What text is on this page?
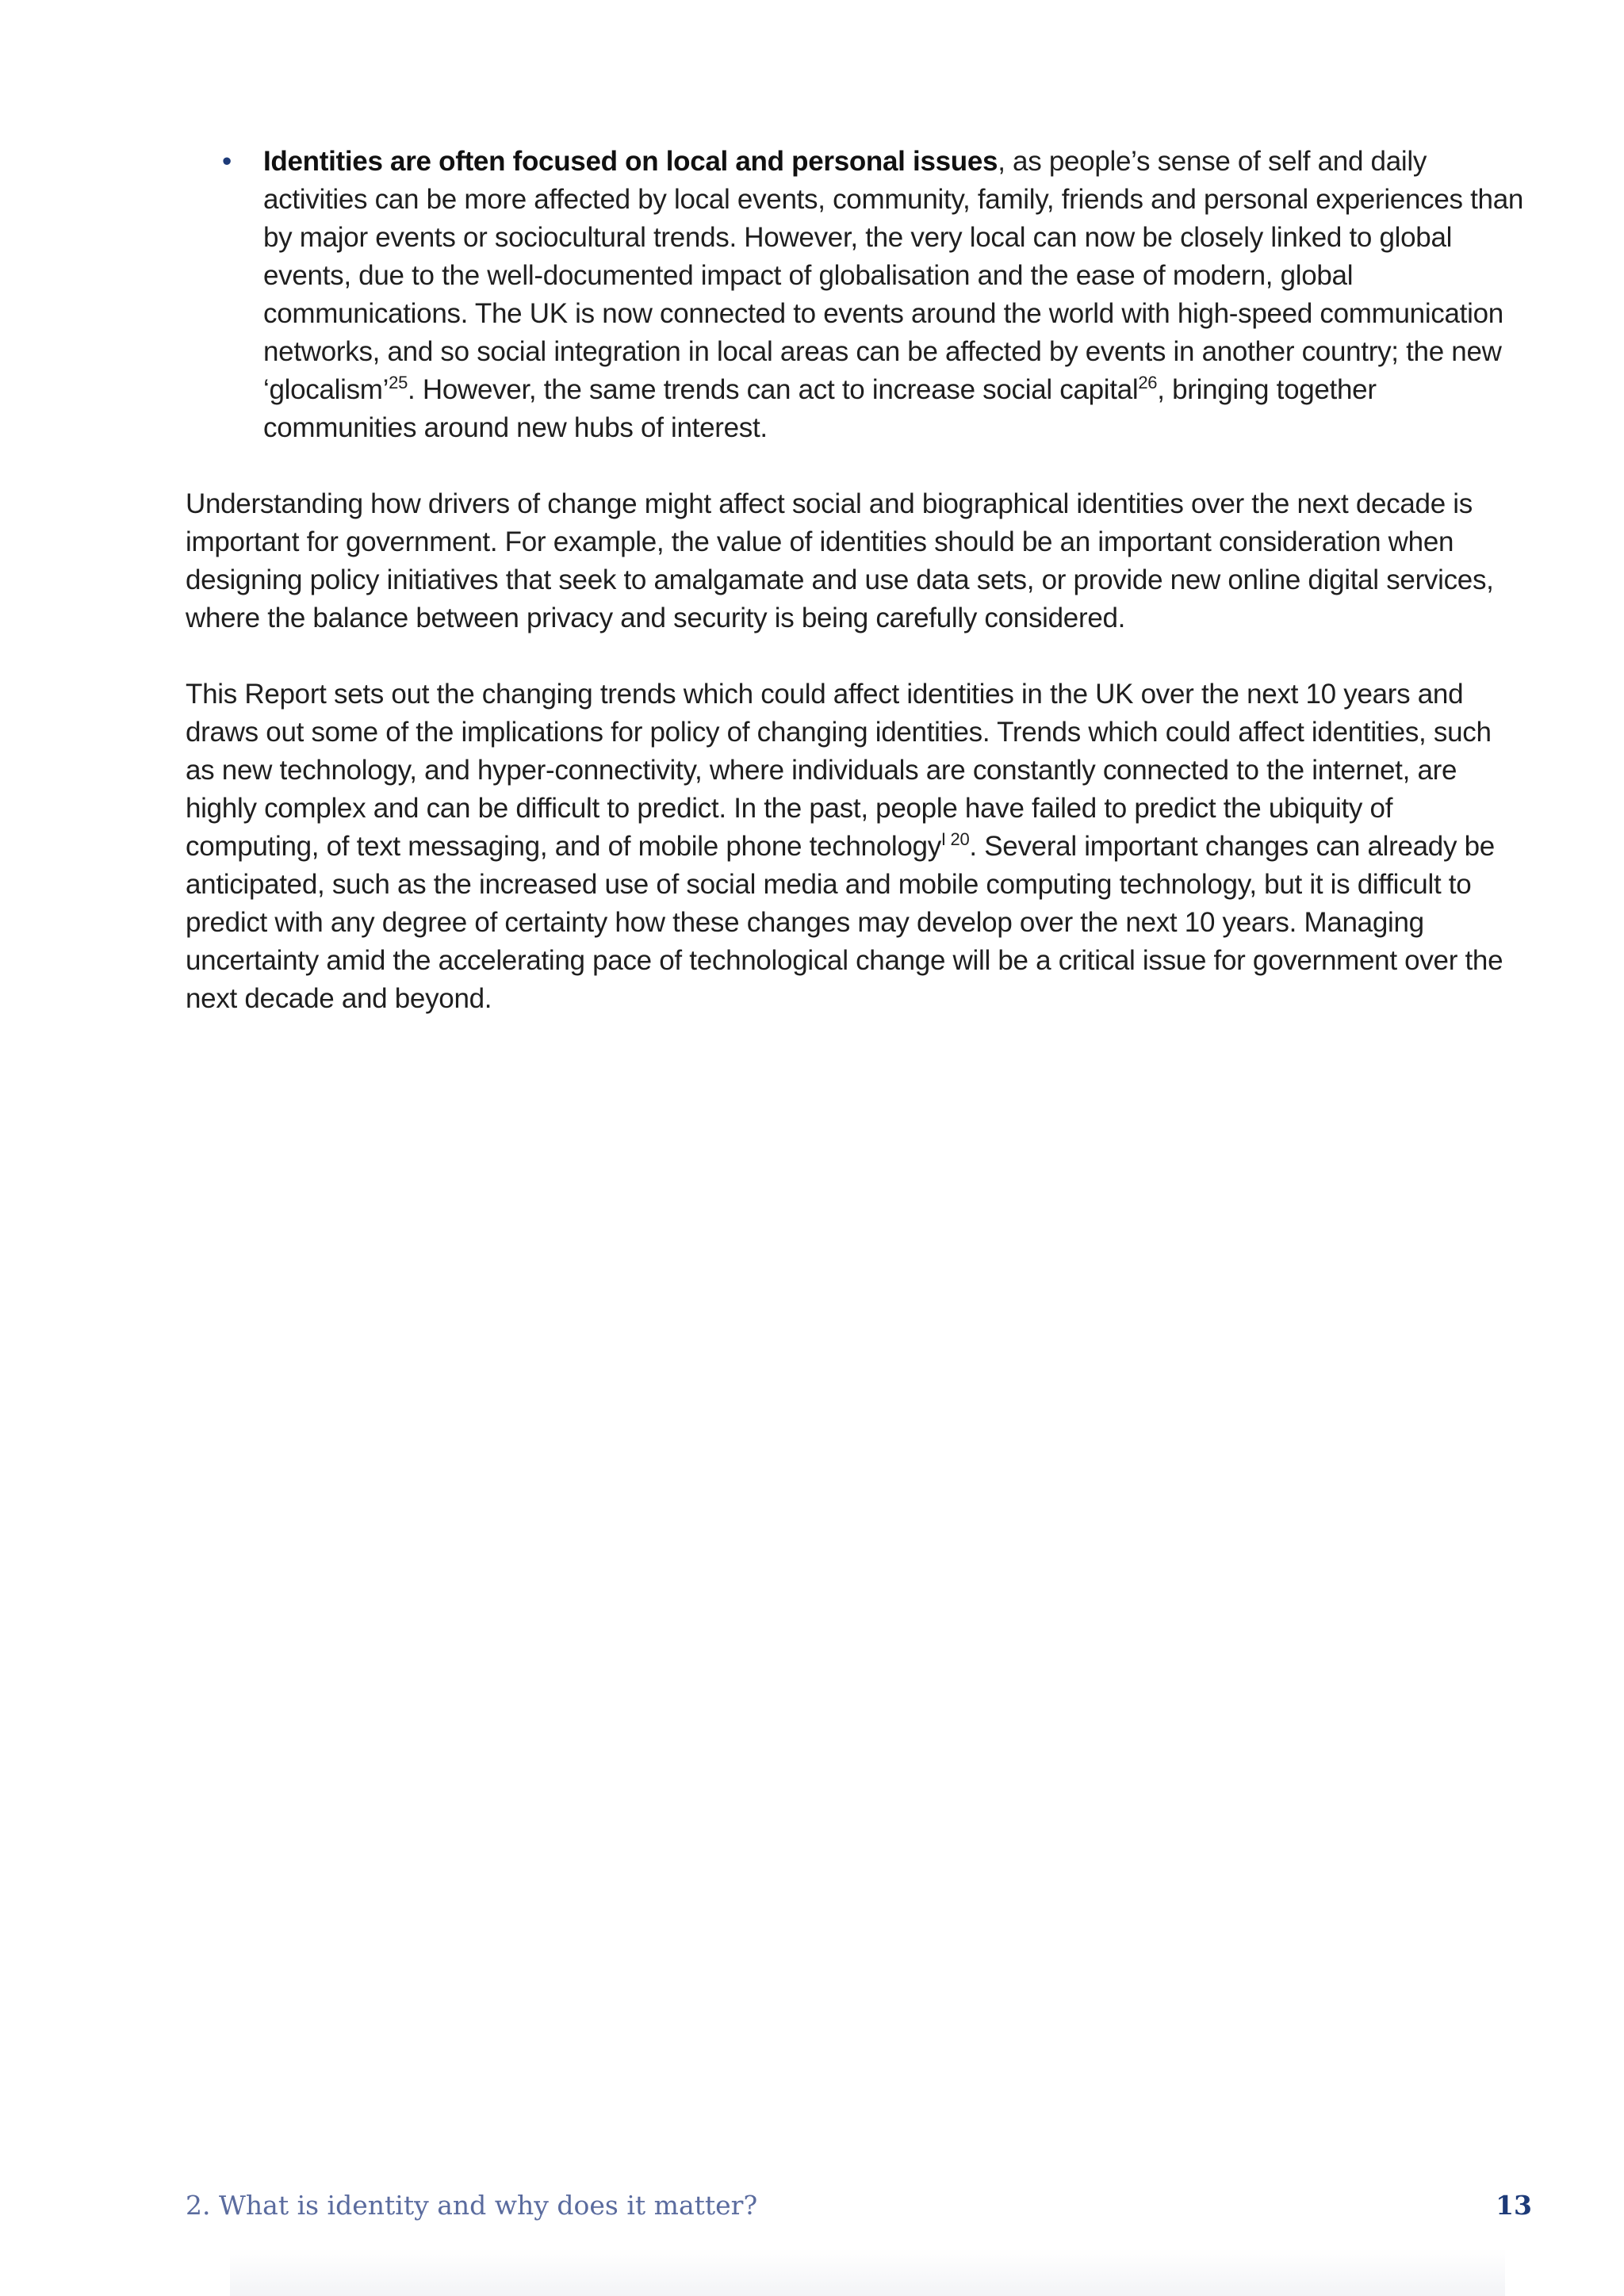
• Identities are often focused on local and personal issues, as people’s sense of self and daily activities can be more affected by local events, community, family, friends and personal experiences than by major events or sociocultural trends. However, the very local can now be closely linked to global events, due to the well-documented impact of globalisation and the ease of modern, global communications. The UK is now connected to events around the world with high-speed communication networks, and so social integration in local areas can be affected by events in another country; the new ‘glocalism’$^{25}$. However, the same trends can act to increase social capital$^{26}$, bringing together communities around new hubs of interest.

Understanding how drivers of change might affect social and biographical identities over the next decade is important for government. For example, the value of identities should be an important consideration when designing policy initiatives that seek to amalgamate and use data sets, or provide new online digital services, where the balance between privacy and security is being carefully considered.

This Report sets out the changing trends which could affect identities in the UK over the next 10 years and draws out some of the implications for policy of changing identities. Trends which could affect identities, such as new technology, and hyper-connectivity, where individuals are constantly connected to the internet, are highly complex and can be difficult to predict. In the past, people have failed to predict the ubiquity of computing, of text messaging, and of mobile phone technology$^I$ $^{20}$. Several important changes can already be anticipated, such as the increased use of social media and mobile computing technology, but it is difficult to predict with any degree of certainty how these changes may develop over the next 10 years. Managing uncertainty amid the accelerating pace of technological change will be a critical issue for government over the next decade and beyond.

2. What is identity and why does it matter?	13
